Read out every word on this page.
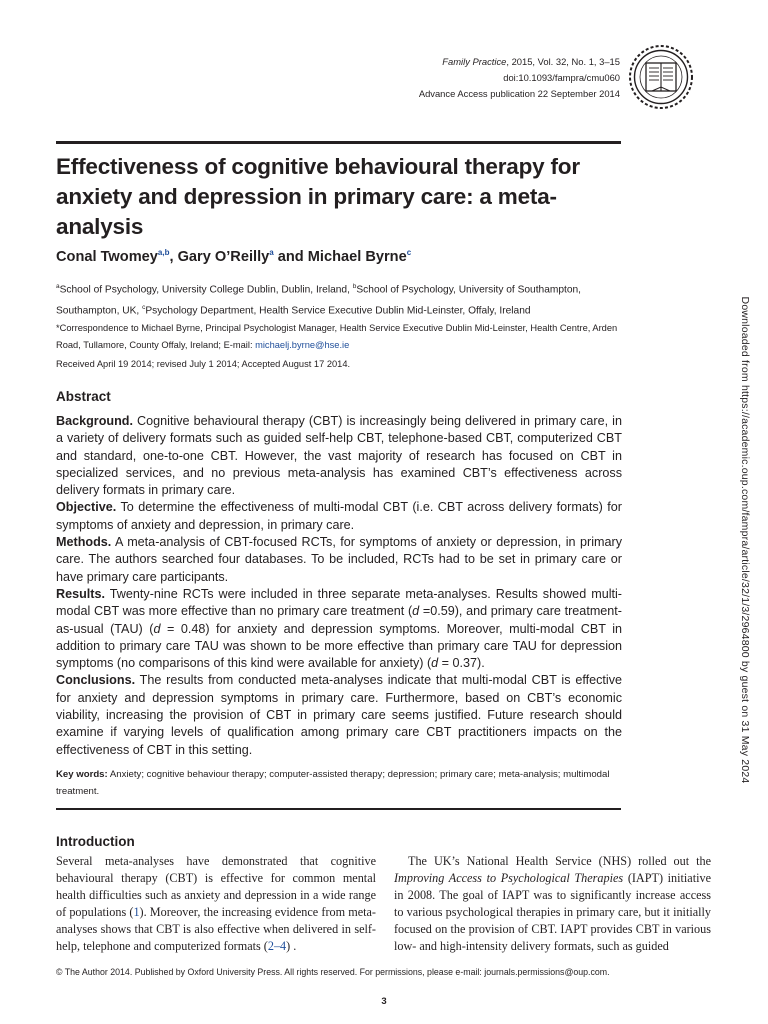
Family Practice, 2015, Vol. 32, No. 1, 3–15
doi:10.1093/fampra/cmu060
Advance Access publication 22 September 2014
Effectiveness of cognitive behavioural therapy for anxiety and depression in primary care: a meta-analysis
Conal Twomey$^{a,b}$, Gary O’Reilly$^a$ and Michael Byrne$^c$
$^a$School of Psychology, University College Dublin, Dublin, Ireland, $^b$School of Psychology, University of Southampton, Southampton, UK, $^c$Psychology Department, Health Service Executive Dublin Mid-Leinster, Offaly, Ireland
*Correspondence to Michael Byrne, Principal Psychologist Manager, Health Service Executive Dublin Mid-Leinster, Health Centre, Arden Road, Tullamore, County Offaly, Ireland; E-mail: michaelj.byrne@hse.ie
Received April 19 2014; revised July 1 2014; Accepted August 17 2014.
Abstract

Background. Cognitive behavioural therapy (CBT) is increasingly being delivered in primary care, in a variety of delivery formats such as guided self-help CBT, telephone-based CBT, computerized CBT and standard, one-to-one CBT. However, the vast majority of research has focused on CBT in specialized services, and no previous meta-analysis has examined CBT’s effectiveness across delivery formats in primary care.

Objective. To determine the effectiveness of multi-modal CBT (i.e. CBT across delivery formats) for symptoms of anxiety and depression, in primary care.

Methods. A meta-analysis of CBT-focused RCTs, for symptoms of anxiety or depression, in primary care. The authors searched four databases. To be included, RCTs had to be set in primary care or have primary care participants.

Results. Twenty-nine RCTs were included in three separate meta-analyses. Results showed multi-modal CBT was more effective than no primary care treatment (d =0.59), and primary care treatment-as-usual (TAU) (d = 0.48) for anxiety and depression symptoms. Moreover, multi-modal CBT in addition to primary care TAU was shown to be more effective than primary care TAU for depression symptoms (no comparisons of this kind were available for anxiety) (d = 0.37).

Conclusions. The results from conducted meta-analyses indicate that multi-modal CBT is effective for anxiety and depression symptoms in primary care. Furthermore, based on CBT’s economic viability, increasing the provision of CBT in primary care seems justified. Future research should examine if varying levels of qualification among primary care CBT practitioners impacts on the effectiveness of CBT in this setting.

Key words: Anxiety; cognitive behaviour therapy; computer-assisted therapy; depression; primary care; meta-analysis; multimodal treatment.
Introduction
Several meta-analyses have demonstrated that cognitive behavioural therapy (CBT) is effective for common mental health difficulties such as anxiety and depression in a wide range of populations (1). Moreover, the increasing evidence from meta-analyses shows that CBT is also effective when delivered in self-help, telephone and computerized formats (2–4) .
The UK’s National Health Service (NHS) rolled out the Improving Access to Psychological Therapies (IAPT) initiative in 2008. The goal of IAPT was to significantly increase access to various psychological therapies in primary care, but it initially focused on the provision of CBT. IAPT provides CBT in various low- and high-intensity delivery formats, such as guided
© The Author 2014. Published by Oxford University Press. All rights reserved. For permissions, please e-mail: journals.permissions@oup.com.
3
Downloaded from https://academic.oup.com/fampra/article/32/1/3/2964800 by guest on 31 May 2024
